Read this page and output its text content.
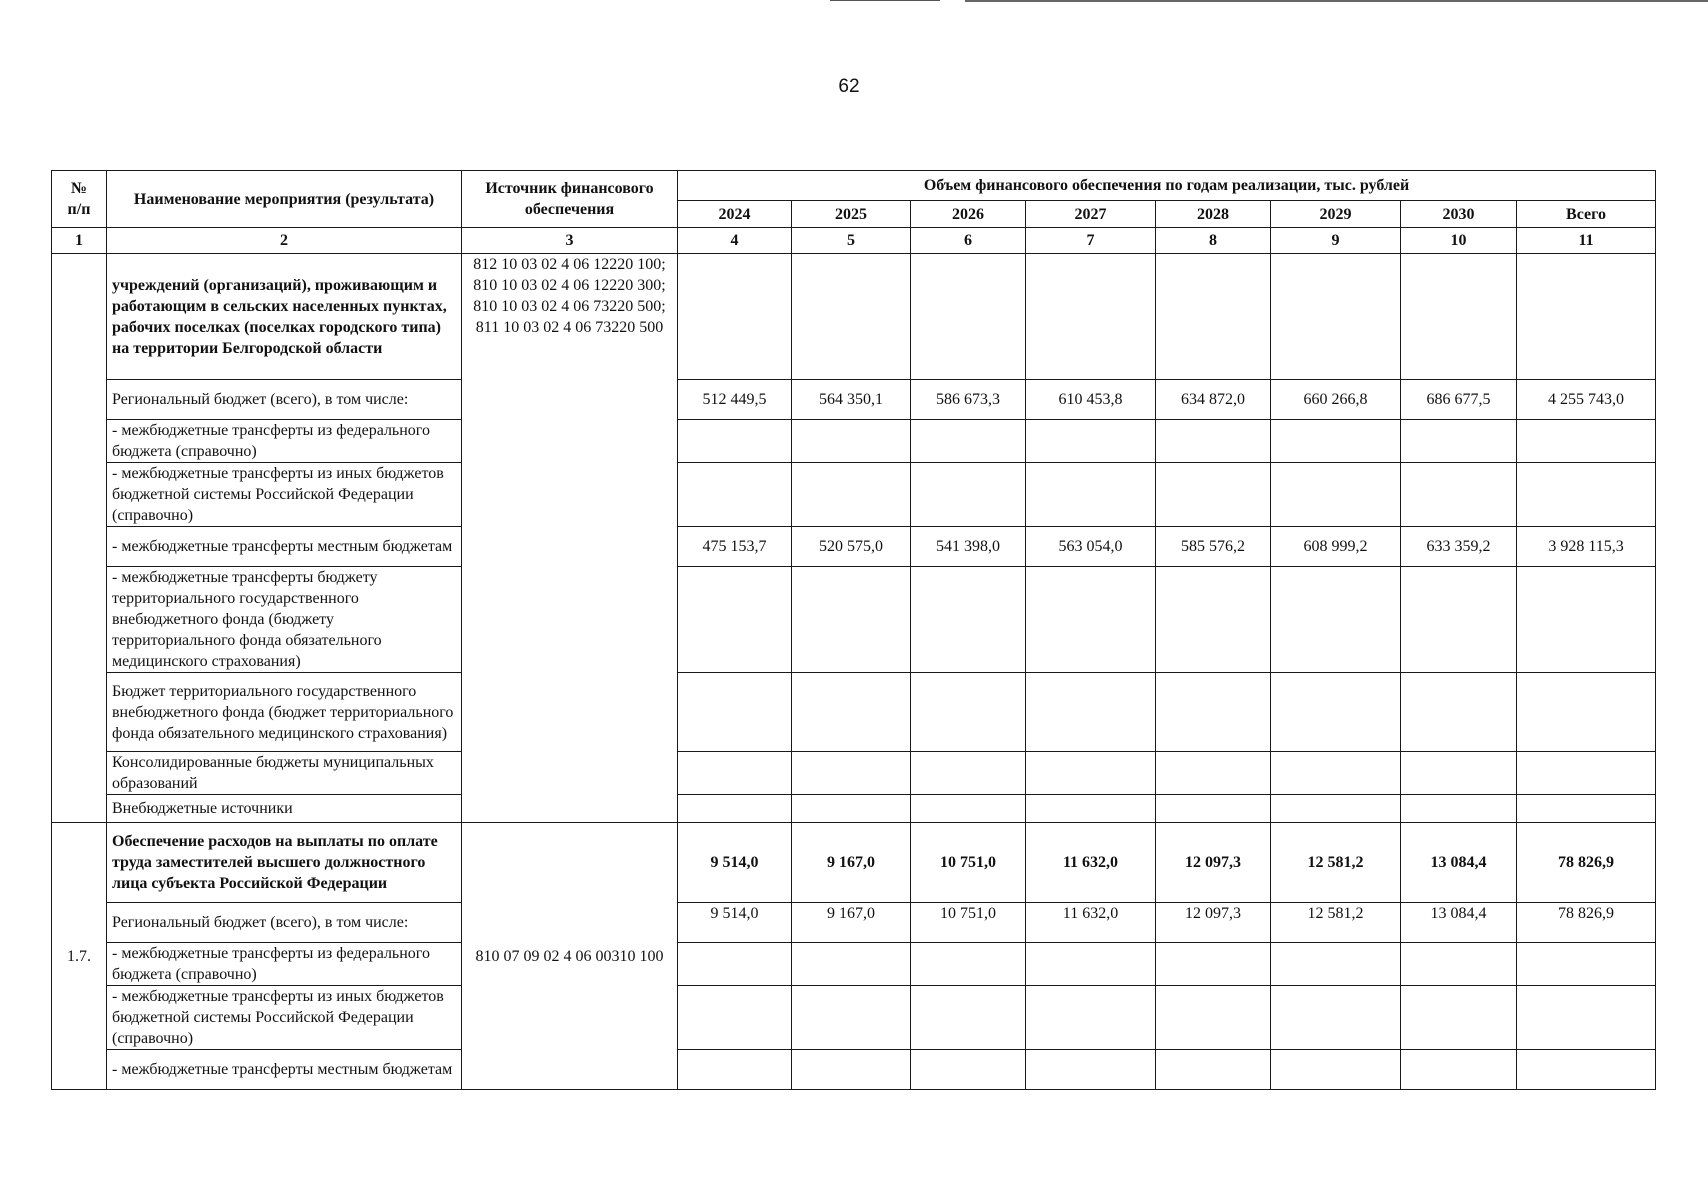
62
№
п/п	Наименование мероприятия (результата)	Источник финансового обеспечения	Объем финансового обеспечения по годам реализации, тыс. рублей							
			2024	2025	2026	2027	2028	2029	2030	Всего
1	2	3	4	5	6	7	8	9	10	11
	учреждений (организаций), проживающим и работающим в сельских населенных пунктах, рабочих поселках (поселках городского типа) на территории Белгородской области	812 10 03 02 4 06 12220 100;
810 10 03 02 4 06 12220 300;
810 10 03 02 4 06 73220 500;
811 10 03 02 4 06 73220 500								
	Региональный бюджет (всего), в том числе:		512 449,5	564 350,1	586 673,3	610 453,8	634 872,0	660 266,8	686 677,5	4 255 743,0
	- межбюджетные трансферты из федерального бюджета (справочно)									
	- межбюджетные трансферты из иных бюджетов бюджетной системы Российской Федерации (справочно)									
	- межбюджетные трансферты местным бюджетам		475 153,7	520 575,0	541 398,0	563 054,0	585 576,2	608 999,2	633 359,2	3 928 115,3
	- межбюджетные трансферты бюджету территориального государственного внебюджетного фонда (бюджету территориального фонда обязательного медицинского страхования)									
	Бюджет территориального государственного внебюджетного фонда (бюджет территориального фонда обязательного медицинского страхования)									
	Консолидированные бюджеты муниципальных образований									
	Внебюджетные источники									
1.7.	Обеспечение расходов на выплаты по оплате труда заместителей высшего должностного лица субъекта Российской Федерации	810 07 09 02 4 06 00310 100	9 514,0	9 167,0	10 751,0	11 632,0	12 097,3	12 581,2	13 084,4	78 826,9
	Региональный бюджет (всего), в том числе:		9 514,0	9 167,0	10 751,0	11 632,0	12 097,3	12 581,2	13 084,4	78 826,9
	- межбюджетные трансферты из федерального бюджета (справочно)									
	- межбюджетные трансферты из иных бюджетов бюджетной системы Российской Федерации (справочно)									
	- межбюджетные трансферты местным бюджетам									
